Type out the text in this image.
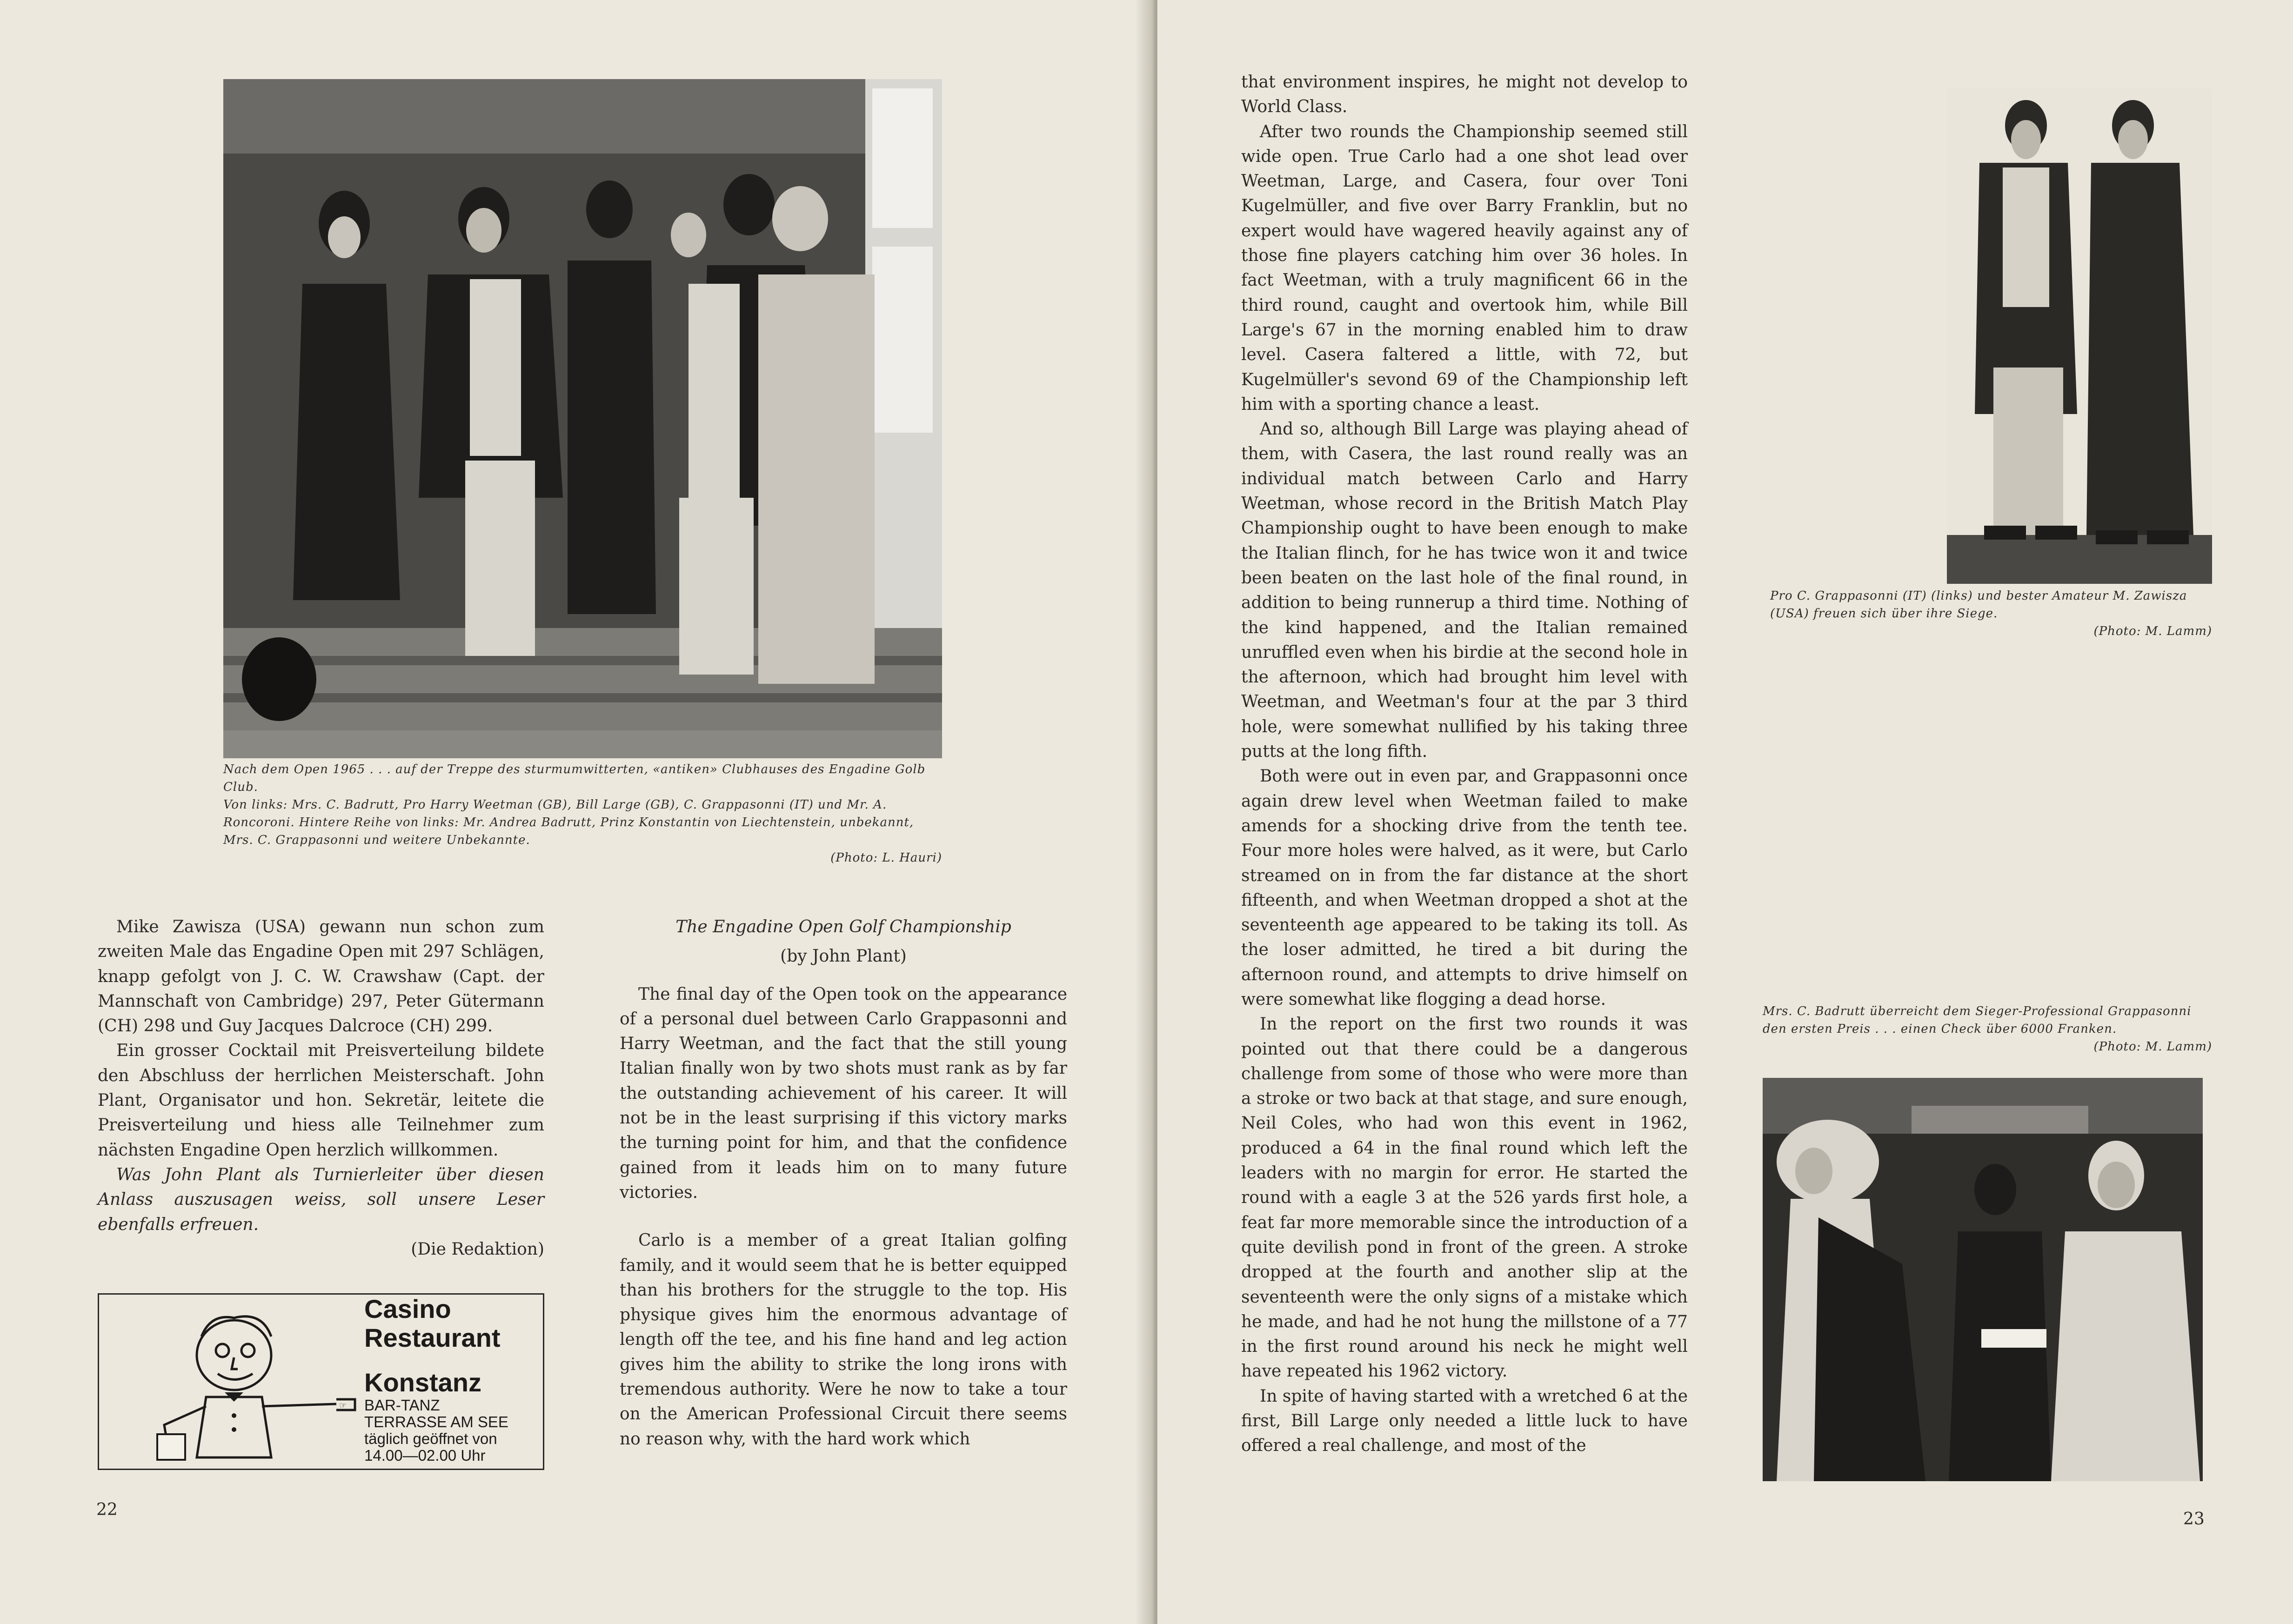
Nach dem Open 1965 . . . auf der Treppe des sturmumwitterten, «antiken» Clubhauses des Engadine Golb Club.

Von links: Mrs. C. Badrutt, Pro Harry Weetman (GB), Bill Large (GB), C. Grappasonni (IT) und Mr. A. Roncoroni. Hintere Reihe von links: Mr. Andrea Badrutt, Prinz Konstantin von Liechtenstein, unbekannt, Mrs. C. Grappasonni und weitere Unbekannte.

(Photo: L. Hauri)

Mike Zawisza (USA) gewann nun schon zum zweiten Male das Engadine Open mit 297 Schlägen, knapp gefolgt von J. C. W. Crawshaw (Capt. der Mannschaft von Cambridge) 297, Peter Gütermann (CH) 298 und Guy Jacques Dalcroce (CH) 299.

Ein grosser Cocktail mit Preisverteilung bildete den Abschluss der herrlichen Meisterschaft. John Plant, Organisator und hon. Sekretär, leitete die Preisverteilung und hiess alle Teilnehmer zum nächsten Engadine Open herzlich willkommen.

Was John Plant als Turnierleiter über diesen Anlass auszusagen weiss, soll unsere Leser ebenfalls erfreuen.

(Die Redaktion)

The Engadine Open Golf Championship

(by John Plant)

The final day of the Open took on the appearance of a personal duel between Carlo Grappasonni and Harry Weetman, and the fact that the still young Italian finally won by two shots must rank as by far the outstanding achievement of his career. It will not be in the least surprising if this victory marks the turning point for him, and that the confidence gained from it leads him on to many future victories.

Carlo is a member of a great Italian golfing family, and it would seem that he is better equipped than his brothers for the struggle to the top. His physique gives him the enormous advantage of length off the tee, and his fine hand and leg action gives him the ability to strike the long irons with tremendous authority. Were he now to take a tour on the American Professional Circuit there seems no reason why, with the hard work which

☞

Casino

Restaurant

Konstanz

BAR-TANZ

TERRASSE AM SEE

täglich geöffnet von

14.00—02.00 Uhr

22

that environment inspires, he might not develop to World Class.

After two rounds the Championship seemed still wide open. True Carlo had a one shot lead over Weetman, Large, and Casera, four over Toni Kugelmüller, and five over Barry Franklin, but no expert would have wagered heavily against any of those fine players catching him over 36 holes. In fact Weetman, with a truly magnificent 66 in the third round, caught and overtook him, while Bill Large's 67 in the morning enabled him to draw level. Casera faltered a little, with 72, but Kugelmüller's sevond 69 of the Championship left him with a sporting chance a least.

And so, although Bill Large was playing ahead of them, with Casera, the last round really was an individual match between Carlo and Harry Weetman, whose record in the British Match Play Championship ought to have been enough to make the Italian flinch, for he has twice won it and twice been beaten on the last hole of the final round, in addition to being runnerup a third time. Nothing of the kind happened, and the Italian remained unruffled even when his birdie at the second hole in the afternoon, which had brought him level with Weetman, and Weetman's four at the par 3 third hole, were somewhat nullified by his taking three putts at the long fifth.

Both were out in even par, and Grappasonni once again drew level when Weetman failed to make amends for a shocking drive from the tenth tee. Four more holes were halved, as it were, but Carlo streamed on in from the far distance at the short fifteenth, and when Weetman dropped a shot at the seventeenth age appeared to be taking its toll. As the loser admitted, he tired a bit during the afternoon round, and attempts to drive himself on were somewhat like flogging a dead horse.

In the report on the first two rounds it was pointed out that there could be a dangerous challenge from some of those who were more than a stroke or two back at that stage, and sure enough, Neil Coles, who had won this event in 1962, produced a 64 in the final round which left the leaders with no margin for error. He started the round with a eagle 3 at the 526 yards first hole, a feat far more memorable since the introduction of a quite devilish pond in front of the green. A stroke dropped at the fourth and another slip at the seventeenth were the only signs of a mistake which he made, and had he not hung the millstone of a 77 in the first round around his neck he might well have repeated his 1962 victory.

In spite of having started with a wretched 6 at the first, Bill Large only needed a little luck to have offered a real challenge, and most of the

Pro C. Grappasonni (IT) (links) und bester Amateur M. Zawisza (USA) freuen sich über ihre Siege.

(Photo: M. Lamm)

Mrs. C. Badrutt überreicht dem Sieger-Professional Grappasonni den ersten Preis . . . einen Check über 6000 Franken.

(Photo: M. Lamm)

23
